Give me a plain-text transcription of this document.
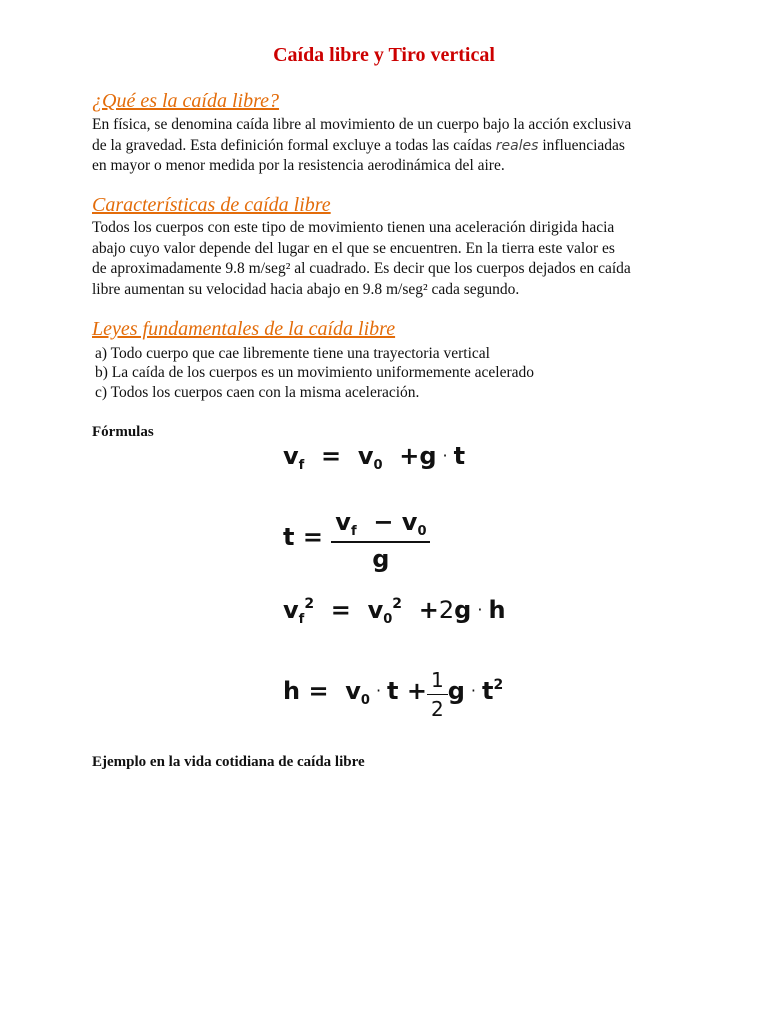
Caída libre y Tiro vertical
¿Qué es la caída libre?
En física, se denomina caída libre al movimiento de un cuerpo bajo la acción exclusiva
de la gravedad. Esta definición formal excluye a todas las caídas reales influenciadas
en mayor o menor medida por la resistencia aerodinámica del aire.
Características de caída libre
Todos los cuerpos con este tipo de movimiento tienen una aceleración dirigida hacia
abajo cuyo valor depende del lugar en el que se encuentren. En la tierra este valor es
de aproximadamente 9.8 m/seg² al cuadrado. Es decir que los cuerpos dejados en caída
libre aumentan su velocidad hacia abajo en 9.8 m/seg² cada segundo.
Leyes fundamentales de la caída libre
a) Todo cuerpo que cae libremente tiene una trayectoria vertical
b) La caída de los cuerpos es un movimiento uniformemente acelerado
c) Todos los cuerpos caen con la misma aceleración.
Fórmulas
$v_f = v_0 +g \cdot t$
$t = \frac{v_f - v_0}{g}$
$v_f^2 = v_0^2 +2g \cdot h$
$h = v_0\cdot t + \frac{1}{2}$ $g \cdot t^2$
Ejemplo en la vida cotidiana de caída libre
